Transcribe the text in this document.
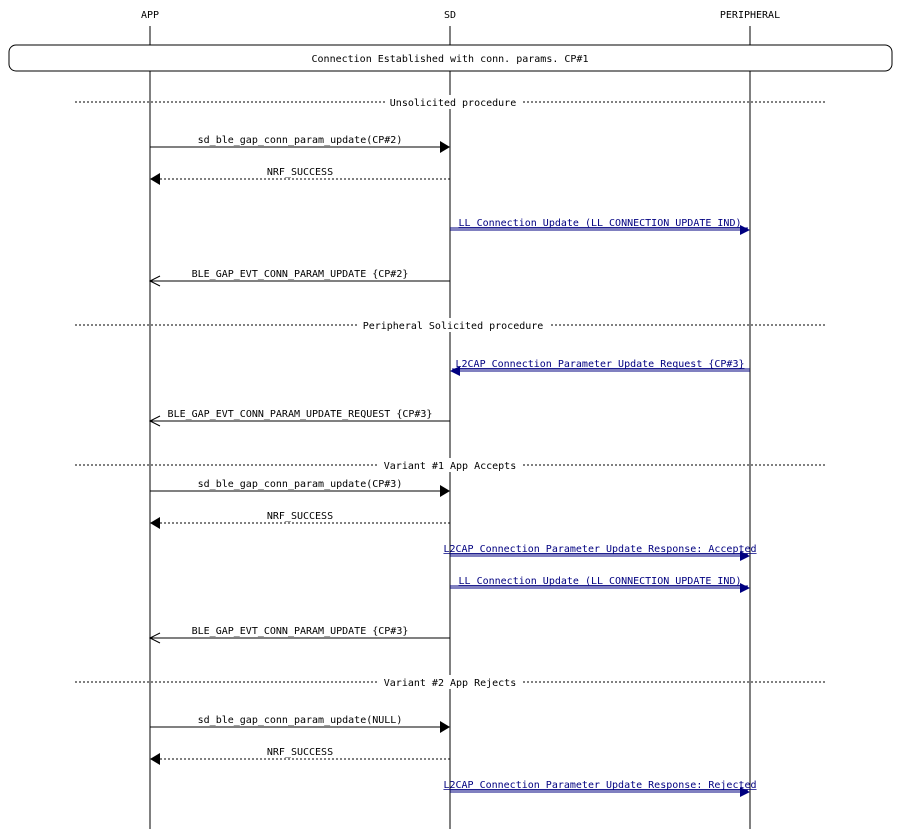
APP	SD	PERIPHERAL
Connection Established with conn. params. CP#1
Unsolicited procedure
Peripheral Solicited procedure
Variant #1 App Accepts
Variant #2 App Rejects
sd_ble_gap_conn_param_update(CP#2)
NRF_SUCCESS
LL Connection Update (LL_CONNECTION_UPDATE_IND)
BLE_GAP_EVT_CONN_PARAM_UPDATE {CP#2}
L2CAP Connection Parameter Update Request {CP#3}
BLE_GAP_EVT_CONN_PARAM_UPDATE_REQUEST {CP#3}
sd_ble_gap_conn_param_update(CP#3)
NRF_SUCCESS
L2CAP Connection Parameter Update Response: Accepted
LL Connection Update (LL_CONNECTION_UPDATE_IND)
BLE_GAP_EVT_CONN_PARAM_UPDATE {CP#3}
sd_ble_gap_conn_param_update(NULL)
NRF_SUCCESS
L2CAP Connection Parameter Update Response: Rejected
